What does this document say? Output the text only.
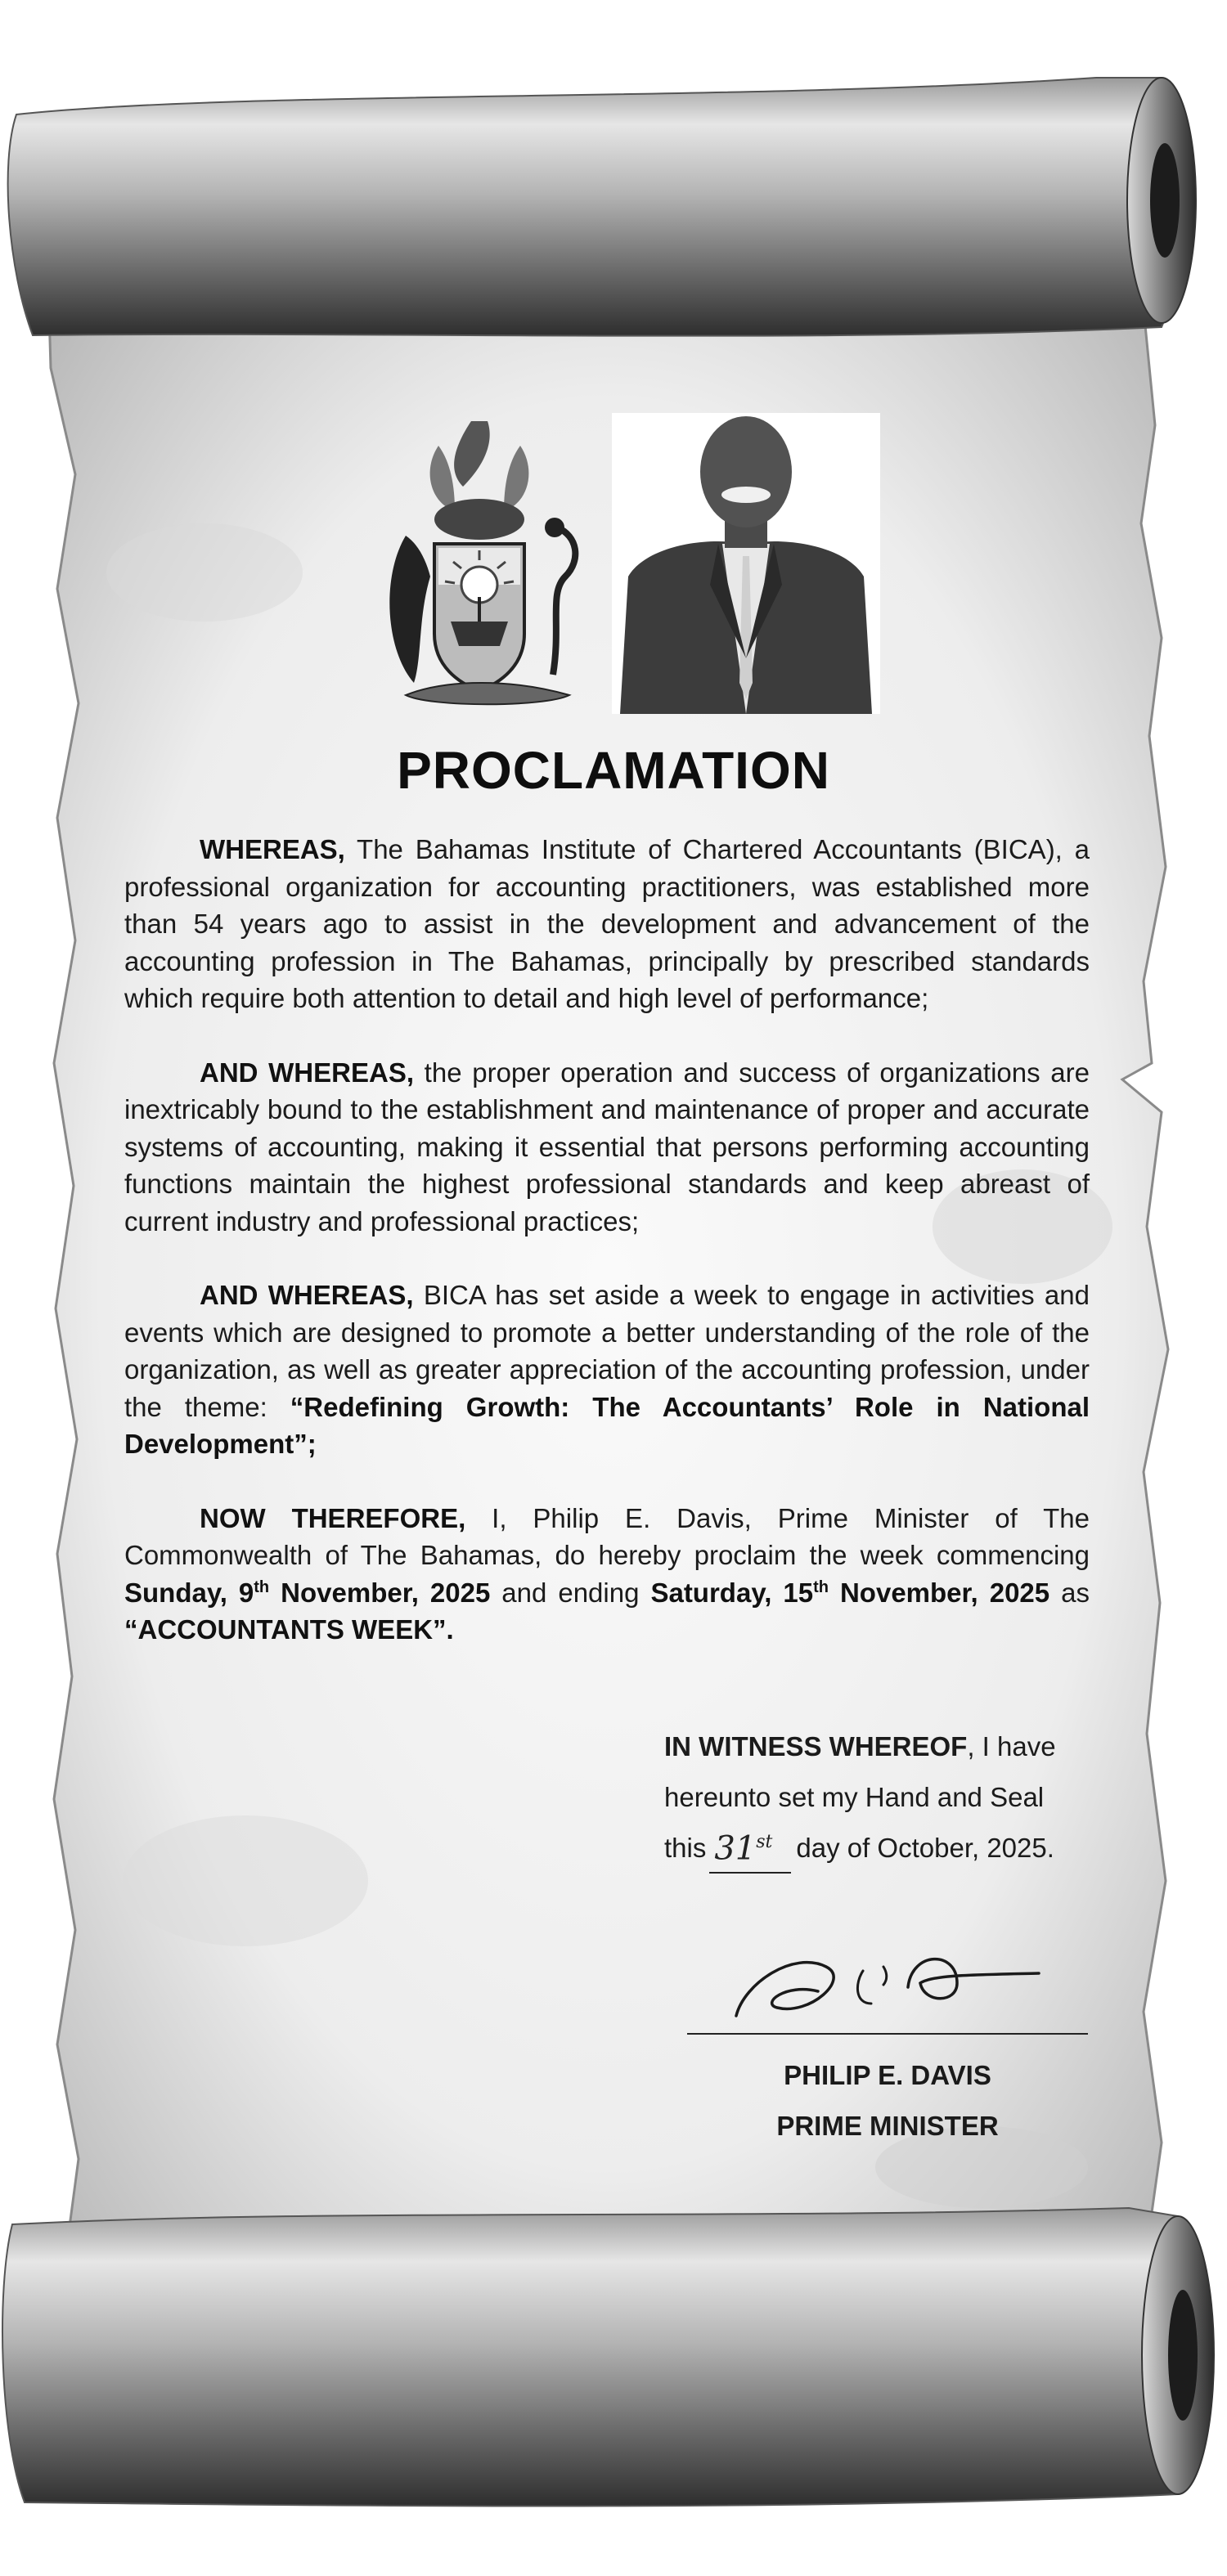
PROCLAMATION

WHEREAS, The Bahamas Institute of Chartered Accountants (BICA), a professional organization for accounting practitioners, was established more than 54 years ago to assist in the development and advancement of the accounting profession in The Bahamas, principally by prescribed standards which require both attention to detail and high level of performance;

AND WHEREAS, the proper operation and success of organizations are inextricably bound to the establishment and maintenance of proper and accurate systems of accounting, making it essential that persons performing accounting functions maintain the highest professional standards and keep abreast of current industry and professional practices;

AND WHEREAS, BICA has set aside a week to engage in activities and events which are designed to promote a better understanding of the role of the organization, as well as greater appreciation of the accounting profession, under the theme: “Redefining Growth: The Accountants’ Role in National Development”;

NOW THEREFORE, I, Philip E. Davis, Prime Minister of The Commonwealth of The Bahamas, do hereby proclaim the week commencing Sunday, 9th November, 2025 and ending Saturday, 15th November, 2025 as “ACCOUNTANTS WEEK”.

IN WITNESS WHEREOF, I have
hereunto set my Hand and Seal
this 31st day of October, 2025.

PHILIP E. DAVIS

PRIME MINISTER
